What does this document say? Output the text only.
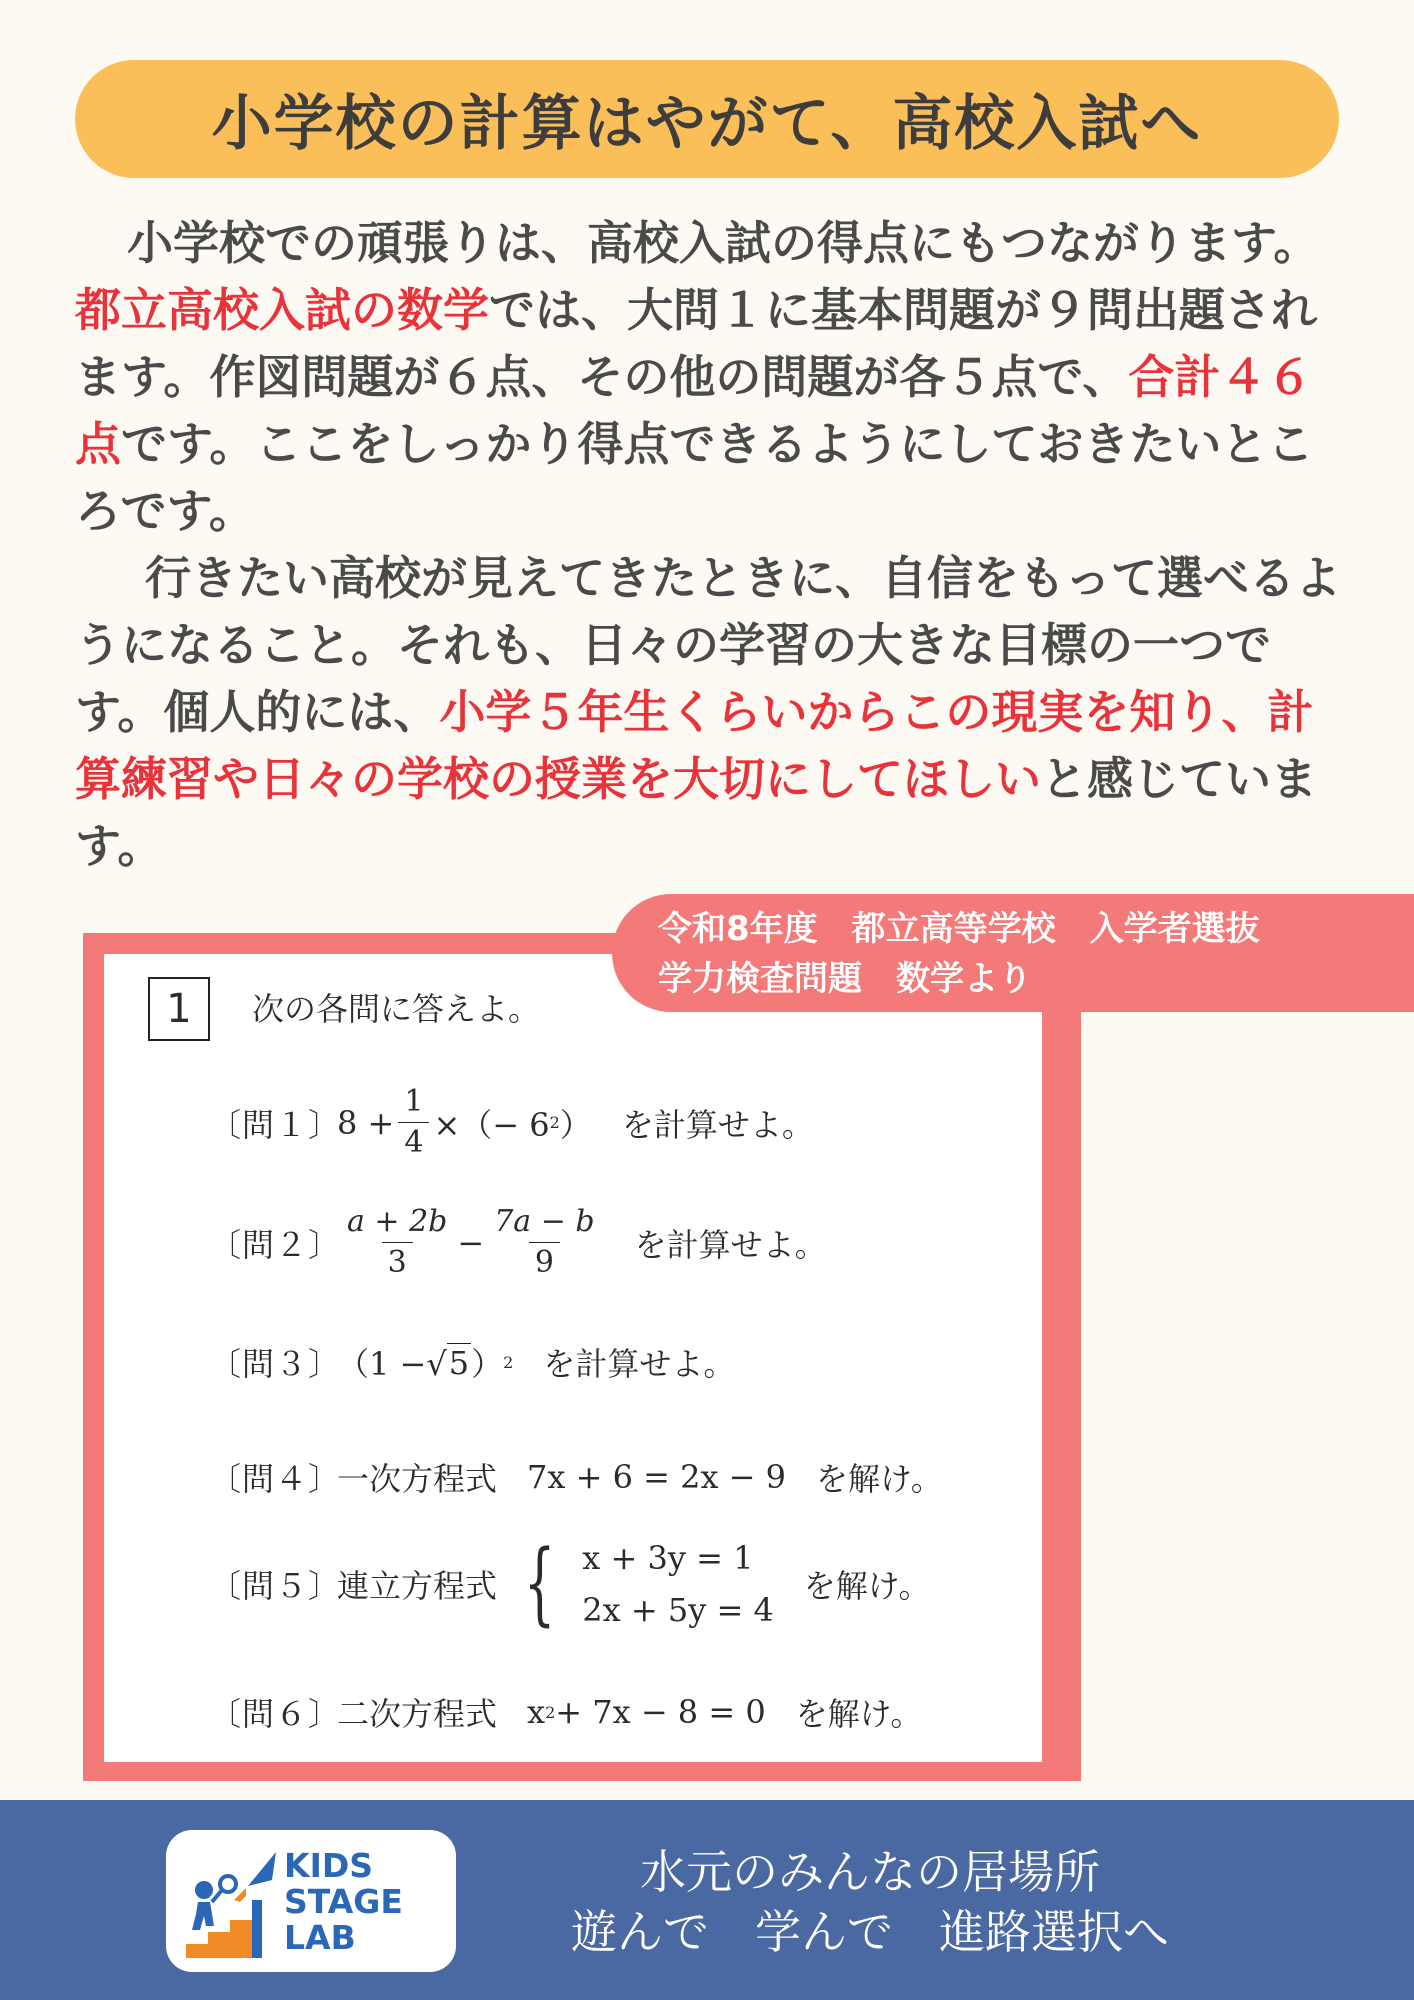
小学校の計算はやがて、高校入試へ

小学校での頑張りは、高校入試の得点にもつながります。都立高校入試の数学では、大問１に基本問題が９問出題されます。作図問題が６点、その他の問題が各５点で、合計４６点です。ここをしっかり得点できるようにしておきたいところです。

行きたい高校が見えてきたときに、自信をもって選べるようになること。それも、日々の学習の大きな目標の一つです。個人的には、小学５年生くらいからこの現実を知り、計算練習や日々の学校の授業を大切にしてほしいと感じています。

1	次の各問に答えよ。
〔問１〕
$8 + \frac{1}{4}$ ×（− 6 2 ） を計算せよ。
〔問２〕 $\frac{a + 2b}{3} - \frac{7a - b}{9}$ を計算せよ。
〔問３〕
（1 −√ 5 ） 2 を計算せよ。
〔問４〕
一次方程式 7x + 6 = 2x − 9 を解け。
〔問５〕
連立方程式 { x + 3y = 1
2x + 5y = 4
を解け。
〔問６〕
二次方程式 x 2 + 7x − 8 = 0 を解け。
令和8年度　都立高等学校　入学者選抜
学力検査問題　数学より
KIDS
STAGE
LAB
水元のみんなの居場所
遊んで　学んで　進路選択へ
